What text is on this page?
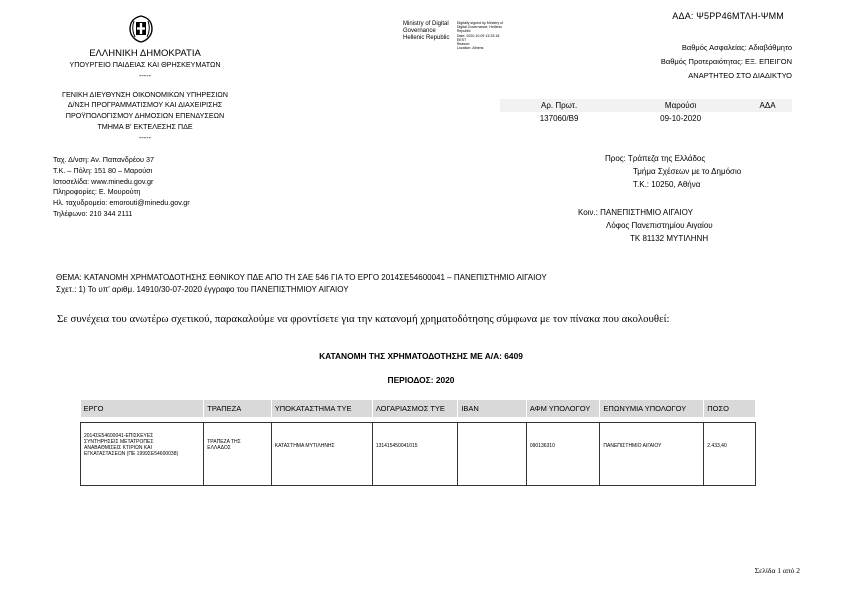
ΑΔΑ: Ψ5ΡΡ46ΜΤΛΗ-ΨΜΜ
ΕΛΛΗΝΙΚΗ ΔΗΜΟΚΡΑΤΙΑ
ΥΠΟΥΡΓΕΙΟ ΠΑΙΔΕΙΑΣ ΚΑΙ ΘΡΗΣΚΕΥΜΑΤΩΝ
-----
ΓΕΝΙΚΗ ΔΙΕΥΘΥΝΣΗ ΟΙΚΟΝΟΜΙΚΩΝ ΥΠΗΡΕΣΙΩΝ
Δ/ΝΣΗ ΠΡΟΓΡΑΜΜΑΤΙΣΜΟΥ ΚΑΙ ΔΙΑΧΕΙΡΙΣΗΣ
ΠΡΟΫΠΟΛΟΓΙΣΜΟΥ ΔΗΜΟΣΙΩΝ ΕΠΕΝΔΥΣΕΩΝ
ΤΜΗΜΑ Β' ΕΚΤΕΛΕΣΗΣ ΠΔΕ
-----
Ταχ. Δ/νση: Αν. Παπανδρέου 37
Τ.Κ. – Πόλη: 151 80 – Μαρούσι
Ιστοσελίδα: www.minedu.gov.gr
Πληροφορίες: Ε. Μουρούτη
Ηλ. ταχυδρομείο: emorouti@minedu.gov.gr
Τηλέφωνο: 210 344 2111
Ministry of Digital
Governance
Hellenic Republic

Digitally signed by Ministry of
Digital Governance, Hellenic
Republic
Date: 2020.10.09 13:33:18
EEST
Reason:
Location: Athens	Βαθμός Ασφαλείας: Αδιαβάθμητο
Βαθμός Προτεραιότητας: ΕΞ. ΕΠΕΙΓΟΝ
ΑΝΑΡΤΗΤΕΟ ΣΤΟ ΔΙΑΔΙΚΤΥΟ
Αρ. Πρωτ.	Μαρούσι	ΑΔΑ
137060/Β9	09-10-2020	
Προς: Τράπεζα της Ελλάδος
Τμήμα Σχέσεων με το Δημόσιο
Τ.Κ.: 10250, Αθήνα
Κοιν.: ΠΑΝΕΠΙΣΤΗΜΙΟ ΑΙΓΑΙΟΥ
Λόφος Πανεπιστημίου Αιγαίου
ΤΚ 81132 ΜΥΤΙΛΗΝΗ
ΘΕΜΑ: ΚΑΤΑΝΟΜΗ ΧΡΗΜΑΤΟΔΟΤΗΣΗΣ ΕΘΝΙΚΟΥ ΠΔΕ ΑΠΟ ΤΗ ΣΑΕ 546 ΓΙΑ ΤΟ ΕΡΓΟ 2014ΣΕ54600041 – ΠΑΝΕΠΙΣΤΗΜΙΟ ΑΙΓΑΙΟΥ
Σχετ.: 1) Το υπ' αριθμ. 14910/30-07-2020 έγγραφο του ΠΑΝΕΠΙΣΤΗΜΙΟΥ ΑΙΓΑΙΟΥ
Σε συνέχεια του ανωτέρω σχετικού, παρακαλούμε να φροντίσετε για την κατανομή χρηματοδότησης σύμφωνα με τον πίνακα που ακολουθεί:
ΚΑΤΑΝΟΜΗ ΤΗΣ ΧΡΗΜΑΤΟΔΟΤΗΣΗΣ ΜΕ Α/Α: 6409
ΠΕΡΙΟΔΟΣ: 2020
ΕΡΓΟ	ΤΡΑΠΕΖΑ	ΥΠΟΚΑΤΑΣΤΗΜΑ ΤΥΕ	ΛΟΓΑΡΙΑΣΜΟΣ ΤΥΕ	IBAN	ΑΦΜ ΥΠΟΛΟΓΟΥ	ΕΠΩΝΥΜΙΑ ΥΠΟΛΟΓΟΥ	ΠΟΣΟ

2014ΣΕ54600041-ΕΠΙΣΚΕΥΕΣ
ΣΥΝΤΗΡΗΣΕΙΣ ΜΕΤΑΤΡΟΠΕΣ
ΑΝΑΒΑΘΜΙΣΕΙΣ ΚΤΙΡΙΩΝ ΚΑΙ
ΕΓΚΑΤΑΣΤΑΣΕΩΝ (ΠΕ 1999ΣΕ54600038)	ΤΡΑΠΕΖΑ ΤΗΣ
ΕΛΛΑΔΟΣ	ΚΑΤΑΣΤΗΜΑ ΜΥΤΙΛΗΝΗΣ	131415450041015		090136310	ΠΑΝΕΠΙΣΤΗΜΙΟ ΑΙΓΑΙΟΥ	2.433,40
Σελίδα 1 από 2
